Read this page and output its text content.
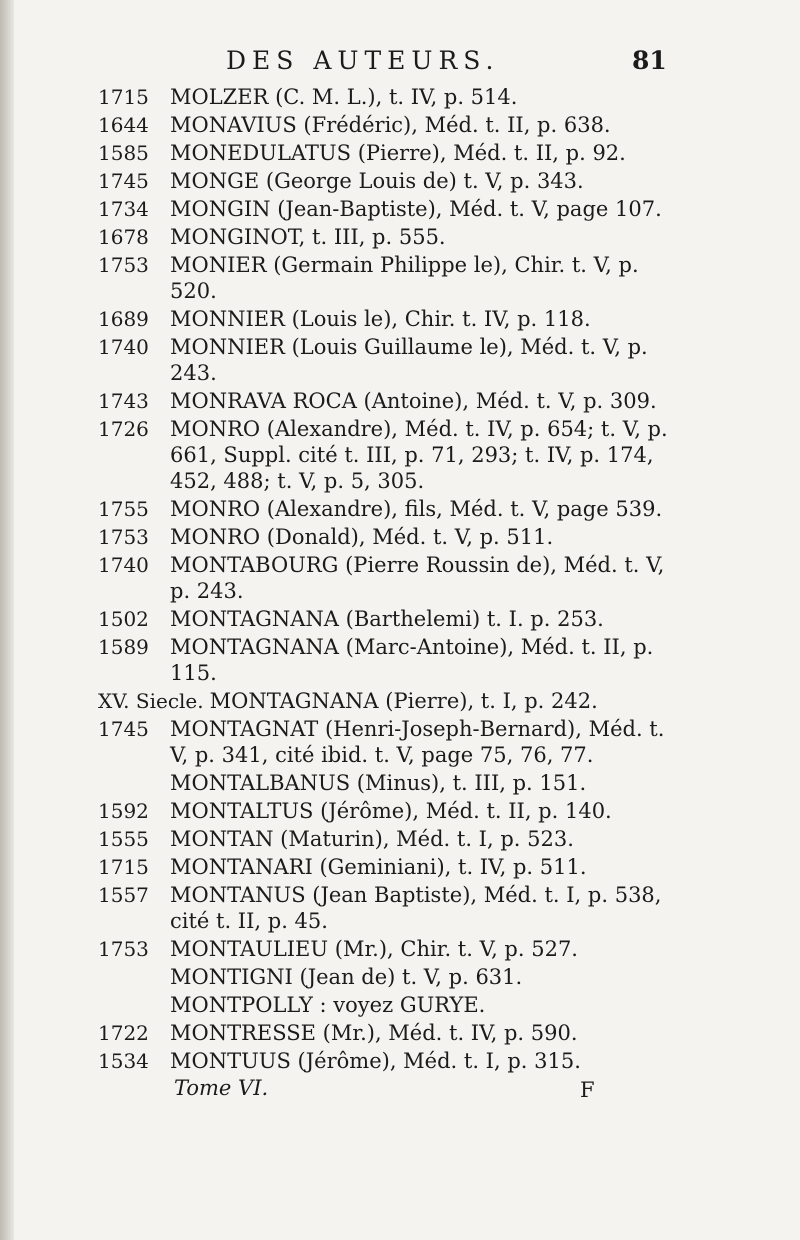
DES AUTEURS.	81
1715	MOLZER (C. M. L.), t. IV, p. 514.
1644	MONAVIUS (Frédéric), Méd. t. II, p. 638.
1585	MONEDULATUS (Pierre), Méd. t. II, p. 92.
1745	MONGE (George Louis de) t. V, p. 343.
1734	MONGIN (Jean-Baptiste), Méd. t. V, page 107.
1678	MONGINOT, t. III, p. 555.
1753	MONIER (Germain Philippe le), Chir. t. V, p. 520.
1689	MONNIER (Louis le), Chir. t. IV, p. 118.
1740	MONNIER (Louis Guillaume le), Méd. t. V, p. 243.
1743	MONRAVA ROCA (Antoine), Méd. t. V, p. 309.
1726	MONRO (Alexandre), Méd. t. IV, p. 654; t. V, p. 661, Suppl. cité t. III, p. 71, 293; t. IV, p. 174, 452, 488; t. V, p. 5, 305.
1755	MONRO (Alexandre), fils, Méd. t. V, page 539.
1753	MONRO (Donald), Méd. t. V, p. 511.
1740	MONTABOURG (Pierre Roussin de), Méd. t. V, p. 243.
1502	MONTAGNANA (Barthelemi) t. I. p. 253.
1589	MONTAGNANA (Marc-Antoine), Méd. t. II, p. 115.
XV. Siecle. MONTAGNANA (Pierre), t. I, p. 242.
1745	MONTAGNAT (Henri-Joseph-Bernard), Méd. t. V, p. 341, cité ibid. t. V, page 75, 76, 77.
MONTALBANUS (Minus), t. III, p. 151.
1592	MONTALTUS (Jérôme), Méd. t. II, p. 140.
1555	MONTAN (Maturin), Méd. t. I, p. 523.
1715	MONTANARI (Geminiani), t. IV, p. 511.
1557	MONTANUS (Jean Baptiste), Méd. t. I, p. 538, cité t. II, p. 45.
1753	MONTAULIEU (Mr.), Chir. t. V, p. 527.
MONTIGNI (Jean de) t. V, p. 631.
MONTPOLLY : voyez GURYE.
1722	MONTRESSE (Mr.), Méd. t. IV, p. 590.
1534	MONTUUS (Jérôme), Méd. t. I, p. 315.
Tome VI.	F
